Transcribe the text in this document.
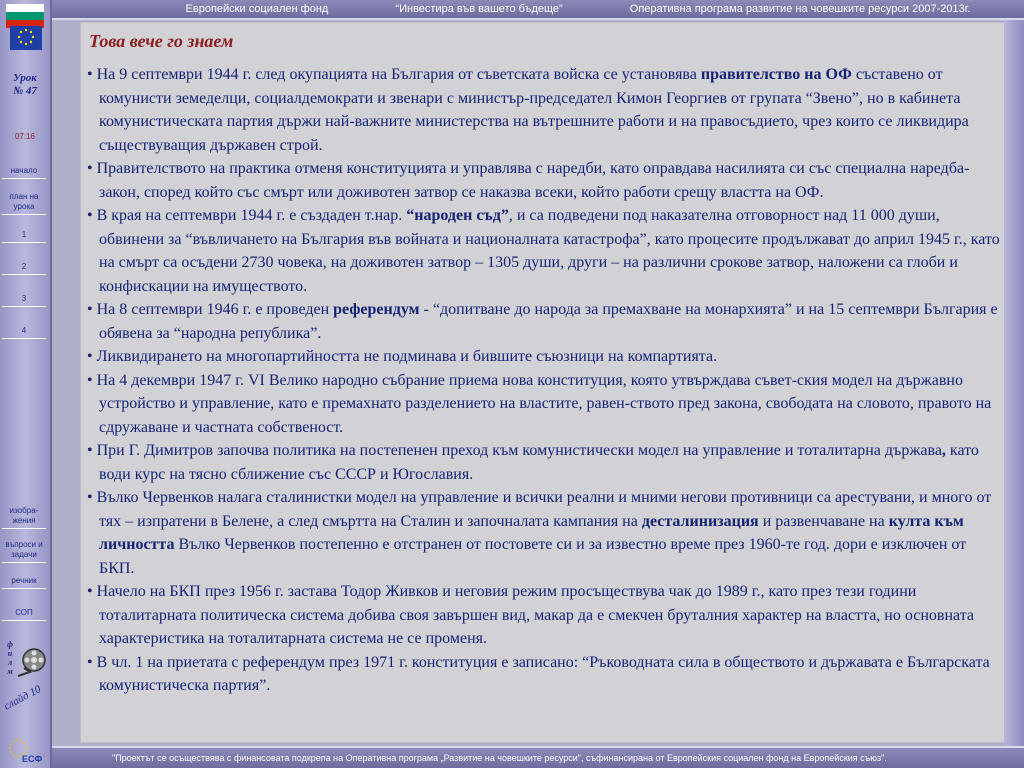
Европейски социален фонд	“Инвестира във вашето бъдеще”	Оперативна програма развитие на човешките ресурси 2007-2013г.
Урок
№ 47
07:16
начало
план на урока
1
2
3
4
изобра-жения
въпроси и задачи
речник
СОП
ф и л м
слайд 10
ЕСФ
Това вече го знаем

• На 9 септември 1944 г. след окупацията на България от съветската войска се установява правителство на ОФ съставено от комунисти земеделци, социалдемократи и звенари с министър-председател Кимон Георгиев от групата “Звено”, но в кабинета комунистическата партия държи най-важните министерства на вътрешните работи и на правосъдието, чрез които се ликвидира съществуващия държавен строй.

• Правителството на практика отменя конституцията и управлява с наредби, като оправдава насилията си със специална наредба-закон, според който със смърт или доживотен затвор се наказва всеки, който работи срещу властта на ОФ.

• В края на септември 1944 г. е създаден т.нар. “народен съд”, и са подведени под наказателна отговорност над 11 000 души, обвинени за “въвличането на България във войната и националната катастрофа”, като процесите продължават до април 1945 г., като на смърт са осъдени 2730 човека, на доживотен затвор – 1305 души, други – на различни срокове затвор, наложени са глоби и конфискации на имуществото.

• На 8 септември 1946 г. е проведен референдум - “допитване до народа за премахване на монархията” и на 15 септември България е обявена за “народна република”.

• Ликвидирането на многопартийността не подминава и бившите съюзници на компартията.

• На 4 декември 1947 г. VI Велико народно събрание приема нова конституция, която утвърждава съвет-ския модел на държавно устройство и управление, като е премахнато разделението на властите, равен-ството пред закона, свободата на словото, правото на сдружаване и частната собственост.

• При Г. Димитров започва политика на постепенен преход към комунистически модел на управление и тоталитарна държава, като води курс на тясно сближение със СССР и Югославия.

• Вълко Червенков налага сталинистки модел на управление и всички реални и мними негови противници са арестувани, и много от тях – изпратени в Белене, а след смъртта на Сталин и започналата кампания на десталинизация и развенчаване на култа към личността Вълко Червенков постепенно е отстранен от постовете си и за известно време през 1960-те год. дори е изключен от БКП.

• Начело на БКП през 1956 г. застава Тодор Живков и неговия режим просъществува чак до 1989 г., като през тези години тоталитарната политическа система добива своя завършен вид, макар да е смекчен бруталния характер на властта, но основната характеристика на тоталитарната система не се променя.

• В чл. 1 на приетата с референдум през 1971 г. конституция е записано: “Ръководната сила в обществото и държавата е Българската комунистическа партия”.

"Проектът се осъществява с финансовата подкрепа на Оперативна програма „Развитие на човешките ресурси", съфинансирана от Европейския социален фонд на Европейския съюз".
